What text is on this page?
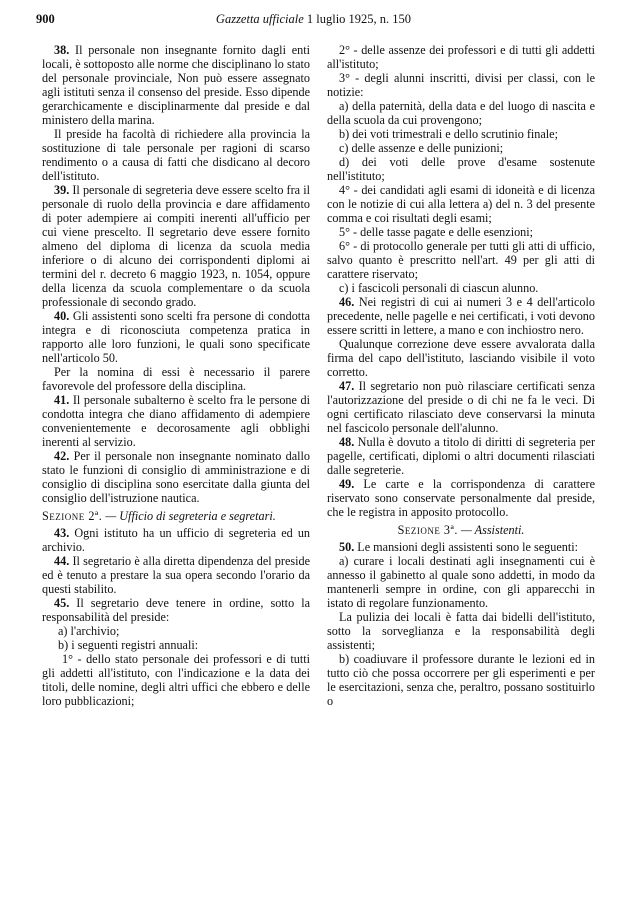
900	Gazzetta ufficiale 1 luglio 1925, n. 150

38. Il personale non insegnante fornito dagli enti locali, è sottoposto alle norme che disciplinano lo stato del personale provinciale, Non può essere assegnato agli istituti senza il consenso del preside. Esso dipende gerarchicamente e disciplinarmente dal preside e dal ministero della marina.

Il preside ha facoltà di richiedere alla provincia la sostituzione di tale personale per ragioni di scarso rendimento o a causa di fatti che disdicano al decoro dell'istituto.

39. Il personale di segreteria deve essere scelto fra il personale di ruolo della provincia e dare affidamento di poter adempiere ai compiti inerenti all'ufficio per cui viene prescelto. Il segretario deve essere fornito almeno del diploma di licenza da scuola media inferiore o di alcuno dei corrispondenti diplomi ai termini del r. decreto 6 maggio 1923, n. 1054, oppure della licenza da scuola complementare o da scuola professionale di secondo grado.

40. Gli assistenti sono scelti fra persone di condotta integra e di riconosciuta competenza pratica in rapporto alle loro funzioni, le quali sono specificate nell'articolo 50.

Per la nomina di essi è necessario il parere favorevole del professore della disciplina.

41. Il personale subalterno è scelto fra le persone di condotta integra che diano affidamento di adempiere convenientemente e decorosamente agli obblighi inerenti al servizio.

42. Per il personale non insegnante nominato dallo stato le funzioni di consiglio di amministrazione e di consiglio di disciplina sono esercitate dalla giunta del consiglio dell'istruzione nautica.

Sezione 2ª. — Ufficio di segreteria e segretari.

43. Ogni istituto ha un ufficio di segreteria ed un archivio.

44. Il segretario è alla diretta dipendenza del preside ed è tenuto a prestare la sua opera secondo l'orario da questi stabilito.

45. Il segretario deve tenere in ordine, sotto la responsabilità del preside:

a) l'archivio;

b) i seguenti registri annuali:

1° - dello stato personale dei professori e di tutti gli addetti all'istituto, con l'indicazione e la data dei titoli, delle nomine, degli altri uffici che ebbero e delle loro pubblicazioni;

2° - delle assenze dei professori e di tutti gli addetti all'istituto;

3° - degli alunni inscritti, divisi per classi, con le notizie:

a) della paternità, della data e del luogo di nascita e della scuola da cui provengono;

b) dei voti trimestrali e dello scrutinio finale;

c) delle assenze e delle punizioni;

d) dei voti delle prove d'esame sostenute nell'istituto;

4° - dei candidati agli esami di idoneità e di licenza con le notizie di cui alla lettera a) del n. 3 del presente comma e coi risultati degli esami;

5° - delle tasse pagate e delle esenzioni;

6° - di protocollo generale per tutti gli atti di ufficio, salvo quanto è prescritto nell'art. 49 per gli atti di carattere riservato;

c) i fascicoli personali di ciascun alunno.

46. Nei registri di cui ai numeri 3 e 4 dell'articolo precedente, nelle pagelle e nei certificati, i voti devono essere scritti in lettere, a mano e con inchiostro nero.

Qualunque correzione deve essere avvalorata dalla firma del capo dell'istituto, lasciando visibile il voto corretto.

47. Il segretario non può rilasciare certificati senza l'autorizzazione del preside o di chi ne fa le veci. Di ogni certificato rilasciato deve conservarsi la minuta nel fascicolo personale dell'alunno.

48. Nulla è dovuto a titolo di diritti di segreteria per pagelle, certificati, diplomi o altri documenti rilasciati dalle segreterie.

49. Le carte e la corrispondenza di carattere riservato sono conservate personalmente dal preside, che le registra in apposito protocollo.

Sezione 3ª. — Assistenti.

50. Le mansioni degli assistenti sono le seguenti:

a) curare i locali destinati agli insegnamenti cui è annesso il gabinetto al quale sono addetti, in modo da mantenerli sempre in ordine, con gli apparecchi in istato di regolare funzionamento.

La pulizia dei locali è fatta dai bidelli dell'istituto, sotto la sorveglianza e la responsabilità degli assistenti;

b) coadiuvare il professore durante le lezioni ed in tutto ciò che possa occorrere per gli esperimenti e per le esercitazioni, senza che, peraltro, possano sostituirlo o
